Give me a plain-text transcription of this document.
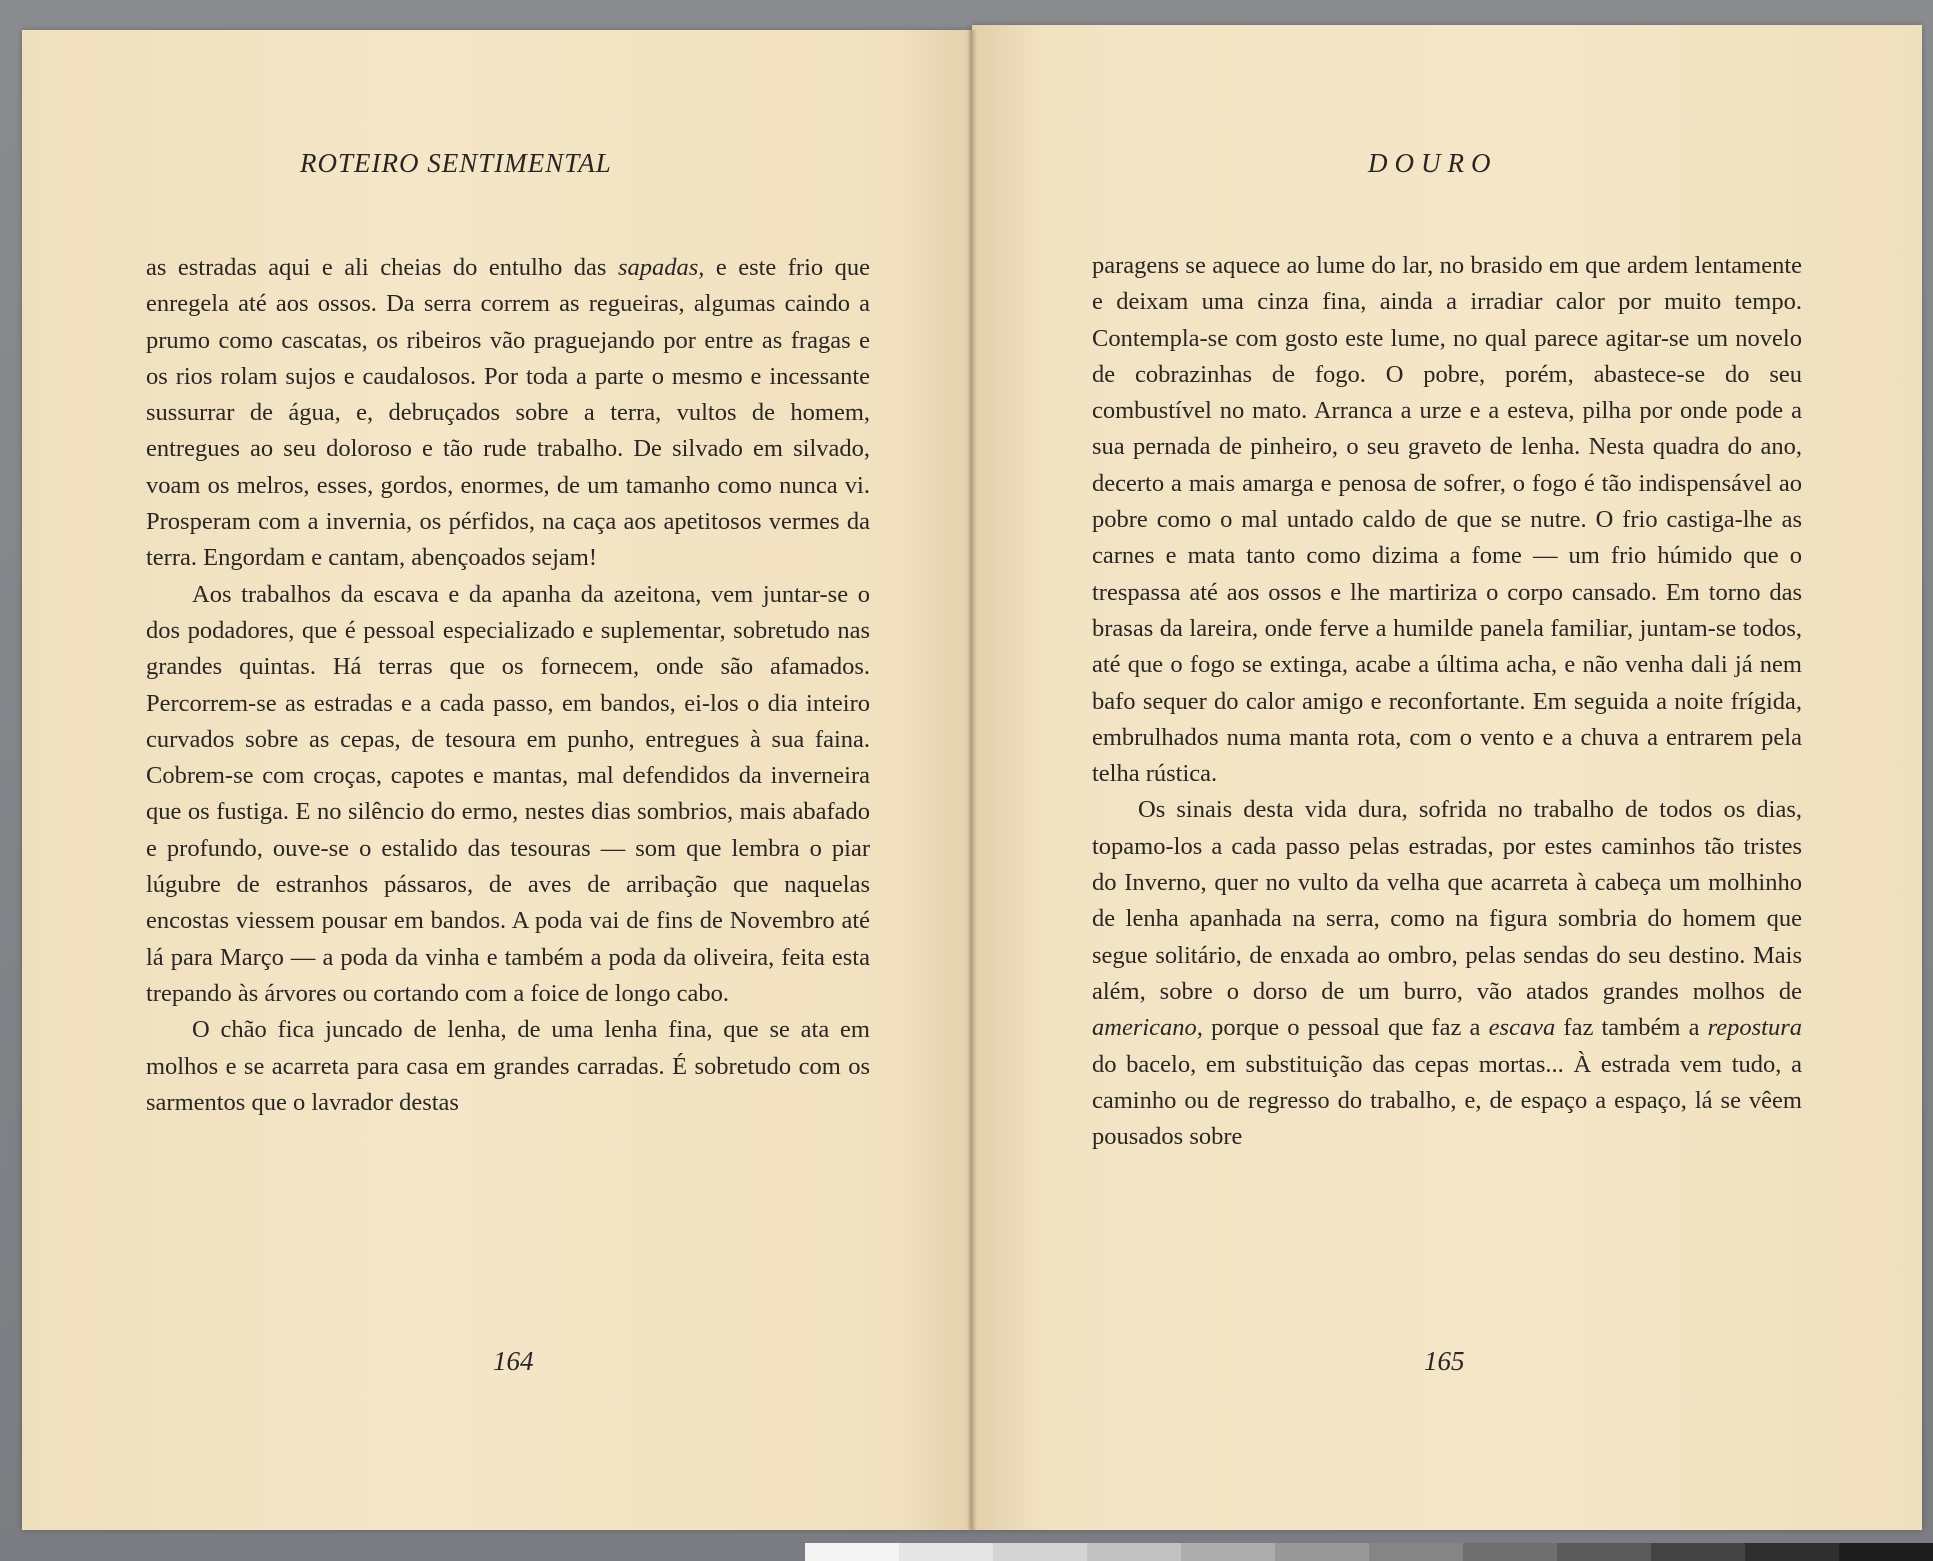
ROTEIRO SENTIMENTAL	DOURO

as estradas aqui e ali cheias do entulho das sapadas, e este frio que enregela até aos ossos. Da serra correm as regueiras, algumas caindo a prumo como cascatas, os ribeiros vão praguejando por entre as fragas e os rios rolam sujos e caudalosos. Por toda a parte o mesmo e incessante sussurrar de água, e, debruçados sobre a terra, vultos de homem, entregues ao seu doloroso e tão rude trabalho. De silvado em silvado, voam os melros, esses, gordos, enormes, de um tamanho como nunca vi. Prosperam com a invernia, os pérfidos, na caça aos apetitosos vermes da terra. Engordam e cantam, abençoados sejam!

Aos trabalhos da escava e da apanha da azeitona, vem juntar-se o dos podadores, que é pessoal especializado e suplementar, sobretudo nas grandes quintas. Há terras que os fornecem, onde são afamados. Percorrem-se as estradas e a cada passo, em bandos, ei-los o dia inteiro curvados sobre as cepas, de tesoura em punho, entregues à sua faina. Cobrem-se com croças, capotes e mantas, mal defendidos da inverneira que os fustiga. E no silêncio do ermo, nestes dias sombrios, mais abafado e profundo, ouve-se o estalido das tesouras — som que lembra o piar lúgubre de estranhos pássaros, de aves de arribação que naquelas encostas viessem pousar em bandos. A poda vai de fins de Novembro até lá para Março — a poda da vinha e também a poda da oliveira, feita esta trepando às árvores ou cortando com a foice de longo cabo.

O chão fica juncado de lenha, de uma lenha fina, que se ata em molhos e se acarreta para casa em grandes carradas. É sobretudo com os sarmentos que o lavrador destas

paragens se aquece ao lume do lar, no brasido em que ardem lentamente e deixam uma cinza fina, ainda a irradiar calor por muito tempo. Contempla-se com gosto este lume, no qual parece agitar-se um novelo de cobrazinhas de fogo. O pobre, porém, abastece-se do seu combustível no mato. Arranca a urze e a esteva, pilha por onde pode a sua pernada de pinheiro, o seu graveto de lenha. Nesta quadra do ano, decerto a mais amarga e penosa de sofrer, o fogo é tão indispensável ao pobre como o mal untado caldo de que se nutre. O frio castiga-lhe as carnes e mata tanto como dizima a fome — um frio húmido que o trespassa até aos ossos e lhe martiriza o corpo cansado. Em torno das brasas da lareira, onde ferve a humilde panela familiar, juntam-se todos, até que o fogo se extinga, acabe a última acha, e não venha dali já nem bafo sequer do calor amigo e reconfortante. Em seguida a noite frígida, embrulhados numa manta rota, com o vento e a chuva a entrarem pela telha rústica.

Os sinais desta vida dura, sofrida no trabalho de todos os dias, topamo-los a cada passo pelas estradas, por estes caminhos tão tristes do Inverno, quer no vulto da velha que acarreta à cabeça um molhinho de lenha apanhada na serra, como na figura sombria do homem que segue solitário, de enxada ao ombro, pelas sendas do seu destino. Mais além, sobre o dorso de um burro, vão atados grandes molhos de americano, porque o pessoal que faz a escava faz também a repostura do bacelo, em substituição das cepas mortas... À estrada vem tudo, a caminho ou de regresso do trabalho, e, de espaço a espaço, lá se vêem pousados sobre

164	165
